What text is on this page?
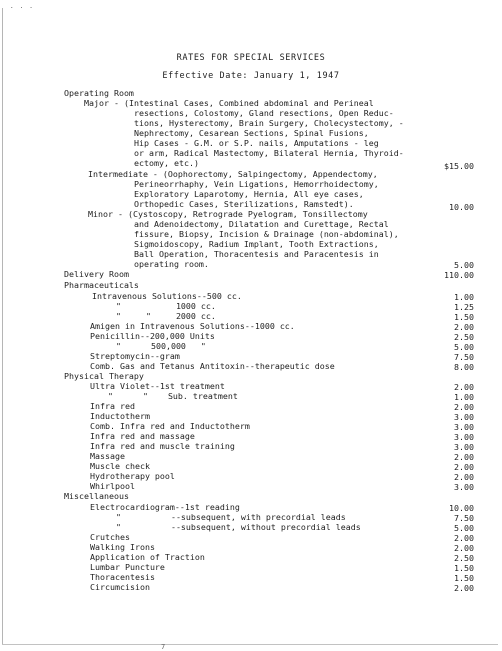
...
RATES FOR SPECIAL SERVICES
Effective Date: January 1, 1947
Operating Room
Major - (Intestinal Cases, Combined abdominal and Perineal
resections, Colostomy, Gland resections, Open Reduc-
tions, Hysterectomy, Brain Surgery, Cholecystectomy, -
Nephrectomy, Cesarean Sections, Spinal Fusions,
Hip Cases - G.M. or S.P. nails, Amputations - leg
or arm, Radical Mastectomy, Bilateral Hernia, Thyroid-
ectomy, etc.)	$15.00
Intermediate - (Oophorectomy, Salpingectomy, Appendectomy,
Perineorrhaphy, Vein Ligations, Hemorrhoidectomy,
Exploratory Laparotomy, Hernia, All eye cases,
Orthopedic Cases, Sterilizations, Ramstedt).	10.00
Minor - (Cystoscopy, Retrograde Pyelogram, Tonsillectomy
and Adenoidectomy, Dilatation and Curettage, Rectal
fissure, Biopsy, Incision & Drainage (non-abdominal),
Sigmoidoscopy, Radium Implant, Tooth Extractions,
Ball Operation, Thoracentesis and Paracentesis in
operating room.	5.00
Delivery Room	110.00
Pharmaceuticals
Intravenous Solutions--500 cc.	1.00
"           1000 cc.	1.25
"     "     2000 cc.	1.50
Amigen in Intravenous Solutions--1000 cc.	2.00
Penicillin--200,000 Units	2.50
"      500,000   "	5.00
Streptomycin--gram	7.50
Comb. Gas and Tetanus Antitoxin--therapeutic dose	8.00
Physical Therapy
Ultra Violet--1st treatment	2.00
"      "    Sub. treatment	1.00
Infra red	2.00
Inductotherm	3.00
Comb. Infra red and Inductotherm	3.00
Infra red and massage	3.00
Infra red and muscle training	3.00
Massage	2.00
Muscle check	2.00
Hydrotherapy pool	2.00
Whirlpool	3.00
Miscellaneous
Electrocardiogram--1st reading	10.00
"          --subsequent, with precordial leads	7.50
"          --subsequent, without precordial leads	5.00
Crutches	2.00
Walking Irons	2.00
Application of Traction	2.50
Lumbar Puncture	1.50
Thoracentesis	1.50
Circumcision	2.00
7
